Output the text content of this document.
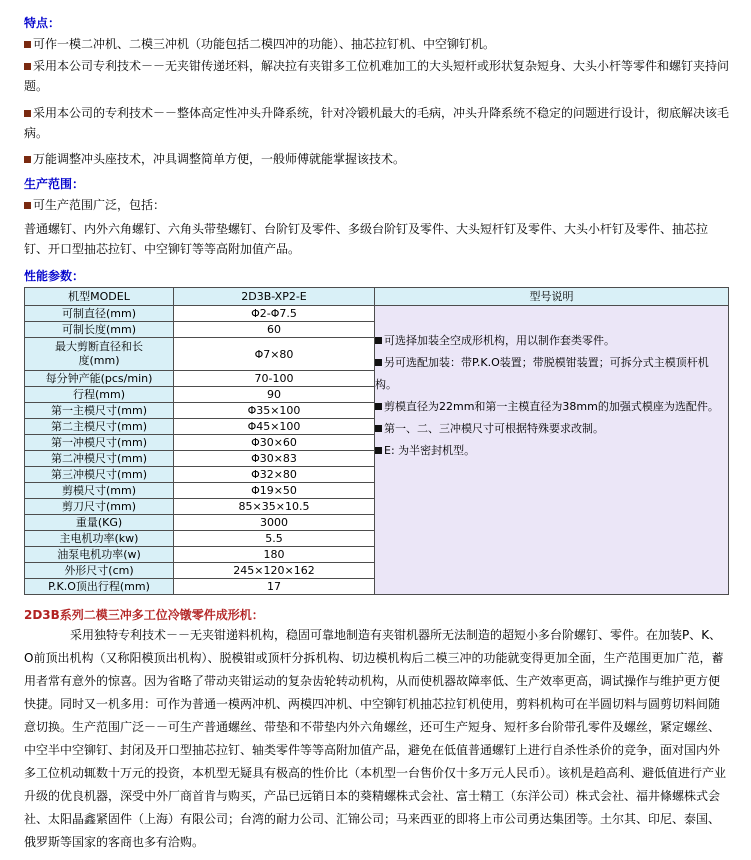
特点：
可作一模二冲机、二模三冲机（功能包括二模四冲的功能）、抽芯拉钉机、中空铆钉机。
采用本公司专利技术－－无夹钳传递坯料，解决拉有夹钳多工位机难加工的大头短杆或形状复杂短身、大头小杆等零件和螺钉夹持问题。
采用本公司的专利技术－－整体高定性冲头升降系统，针对冷锻机最大的毛病，冲头升降系统不稳定的问题进行设计，彻底解决该毛病。
万能调整冲头座技术，冲具调整简单方便，一般师傅就能掌握该技术。
生产范围：
可生产范围广泛，包括：
普通螺钉、内外六角螺钉、六角头带垫螺钉、台阶钉及零件、多级台阶钉及零件、大头短杆钉及零件、大头小杆钉及零件、抽芯拉钉、开口型抽芯拉钉、中空铆钉等等高附加值产品。
性能参数：
机型MODEL	2D3B-XP2-E	型号说明
可制直径(mm)	Φ2-Φ7.5	可选择加装全空成形机构，用以制作套类零件。
另可选配加装：带P.K.O装置；带脱模钳装置；可拆分式主模顶杆机构。
剪模直径为22mm和第一主模直径为38mm的加强式模座为选配件。
第一、二、三冲模尺寸可根据特殊要求改制。
E: 为半密封机型。

可制长度(mm)	60	
最大剪断直径和长度(mm)	Φ7×80	
每分钟产能(pcs/min)	70-100	
行程(mm)	90	
第一主模尺寸(mm)	Φ35×100	
第二主模尺寸(mm)	Φ45×100	
第一冲模尺寸(mm)	Φ30×60	
第二冲模尺寸(mm)	Φ30×83	
第三冲模尺寸(mm)	Φ32×80	
剪模尺寸(mm)	Φ19×50	
剪刀尺寸(mm)	85×35×10.5	
重量(KG)	3000	
主电机功率(kw)	5.5	
油泵电机功率(w)	180	
外形尺寸(cm)	245×120×162	
P.K.O顶出行程(mm)	17	
2D3B系列二模三冲多工位冷镦零件成形机：
采用独特专利技术－－无夹钳递料机构，稳固可靠地制造有夹钳机器所无法制造的超短小多台阶螺钉、零件。在加装P、K、O前顶出机构（又称阳模顶出机构）、脱模钳或顶杆分拆机构、切边模机构后二模三冲的功能就变得更加全面，生产范围更加广范，蓄用者常有意外的惊喜。因为省略了带动夹钳运动的复杂齿轮转动机构，从而使机器故障率低、生产效率更高，调试操作与维护更方便快捷。同时又一机多用：可作为普通一模两冲机、两模四冲机、中空铆钉机抽芯拉钉机使用，剪料机构可在半圆切料与圆剪切料间随意切换。生产范围广泛－－可生产普通螺丝、带垫和不带垫内外六角螺丝，还可生产短身、短杆多台阶带孔零件及螺丝，紧定螺丝、中空半中空铆钉、封闭及开口型抽芯拉钉、轴类零件等等高附加值产品，避免在低值普通螺钉上进行自杀性杀价的竞争，面对国内外多工位机动辄数十万元的投资，本机型无疑具有极高的性价比（本机型一台售价仅十多万元人民币）。该机是趋高利、避低值进行产业升级的优良机器，深受中外厂商首肯与购买，产品已远销日本的葵精螺株式会社、富士精工（东洋公司）株式会社、福井條螺株式会社、太阳晶鑫紧固件（上海）有限公司；台湾的耐力公司、汇锦公司；马来西亚的即将上市公司勇达集团等。土尔其、印尼、泰国、俄罗斯等国家的客商也多有洽购。
